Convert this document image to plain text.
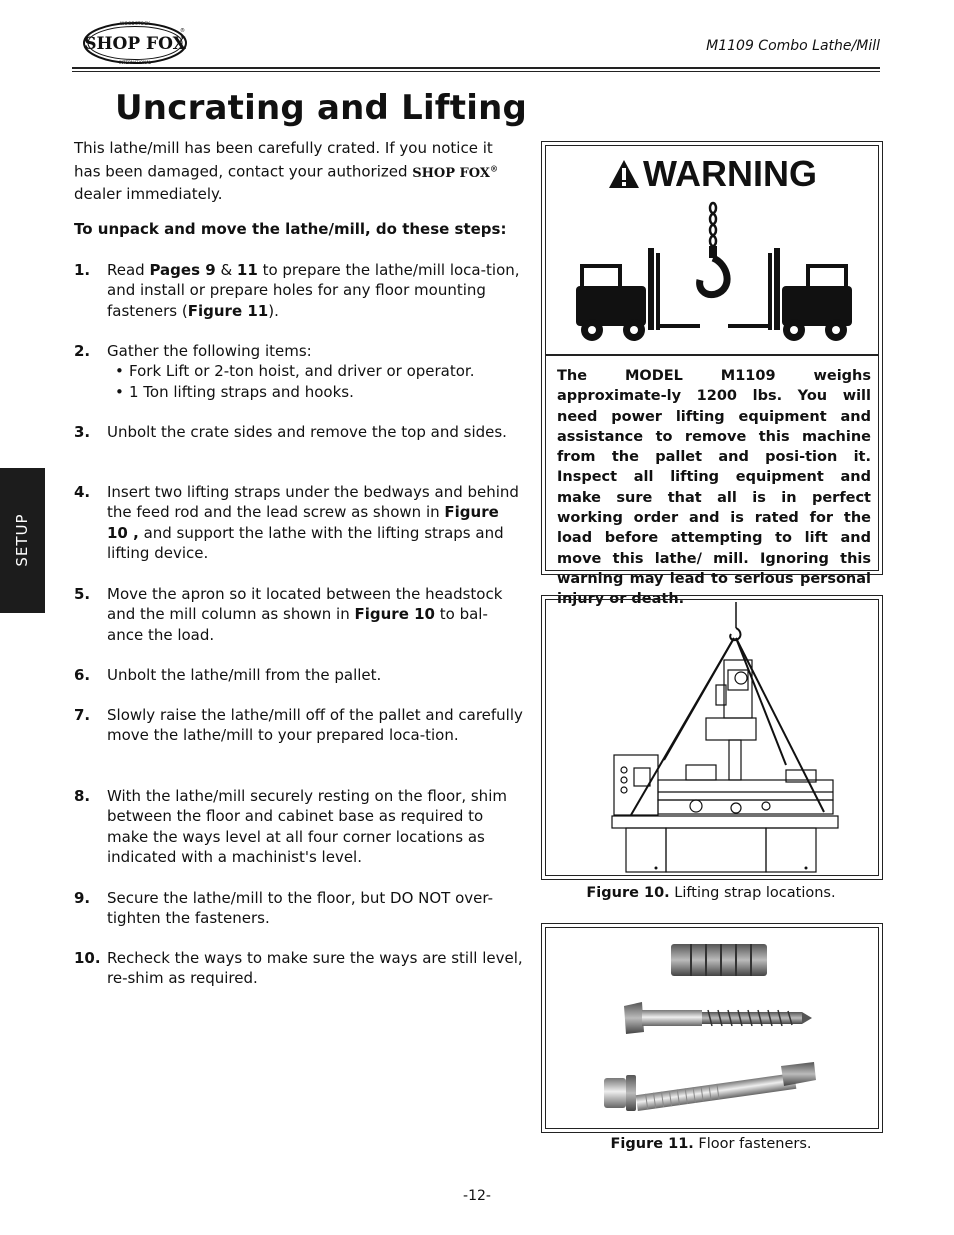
SHOP FOX
WOODSTOCK
INTERNATIONAL
®
M1109 Combo Lathe/Mill
Uncrating and Lifting
This lathe/mill has been carefully crated. If you notice it has been damaged, contact your authorized SHOP FOX® dealer immediately.
To unpack and move the lathe/mill, do these steps:
1. Read Pages 9 & 11 to prepare the lathe/mill loca-tion, and install or prepare holes for any floor mounting fasteners (Figure 11).
2. Gather the following items:
• Fork Lift or 2-ton hoist, and driver or operator.
• 1 Ton lifting straps and hooks.
3. Unbolt the crate sides and remove the top and sides.
4. Insert two lifting straps under the bedways and behind the feed rod and the lead screw as shown in Figure 10 , and support the lathe with the lifting straps and lifting device.
5. Move the apron so it located between the headstock and the mill column as shown in Figure 10 to bal-ance the load.
6. Unbolt the lathe/mill from the pallet.
7. Slowly raise the lathe/mill off of the pallet and carefully move the lathe/mill to your prepared loca-tion.
8. With the lathe/mill securely resting on the floor, shim between the floor and cabinet base as required to make the ways level at all four corner locations as indicated with a machinist's level.
9. Secure the lathe/mill to the floor, but DO NOT over-tighten the fasteners.
10. Recheck the ways to make sure the ways are still level, re-shim as required.
SETUP
WARNING
The MODEL M1109 weighs approximate-ly 1200 lbs. You will need power lifting equipment and assistance to remove this machine from the pallet and posi-tion it. Inspect all lifting equipment and make sure that all is in perfect working order and is rated for the load before attempting to lift and move this lathe/ mill. Ignoring this warning may lead to serious personal injury or death.
Figure 10. Lifting strap locations.
Figure 11. Floor fasteners.
-12-
